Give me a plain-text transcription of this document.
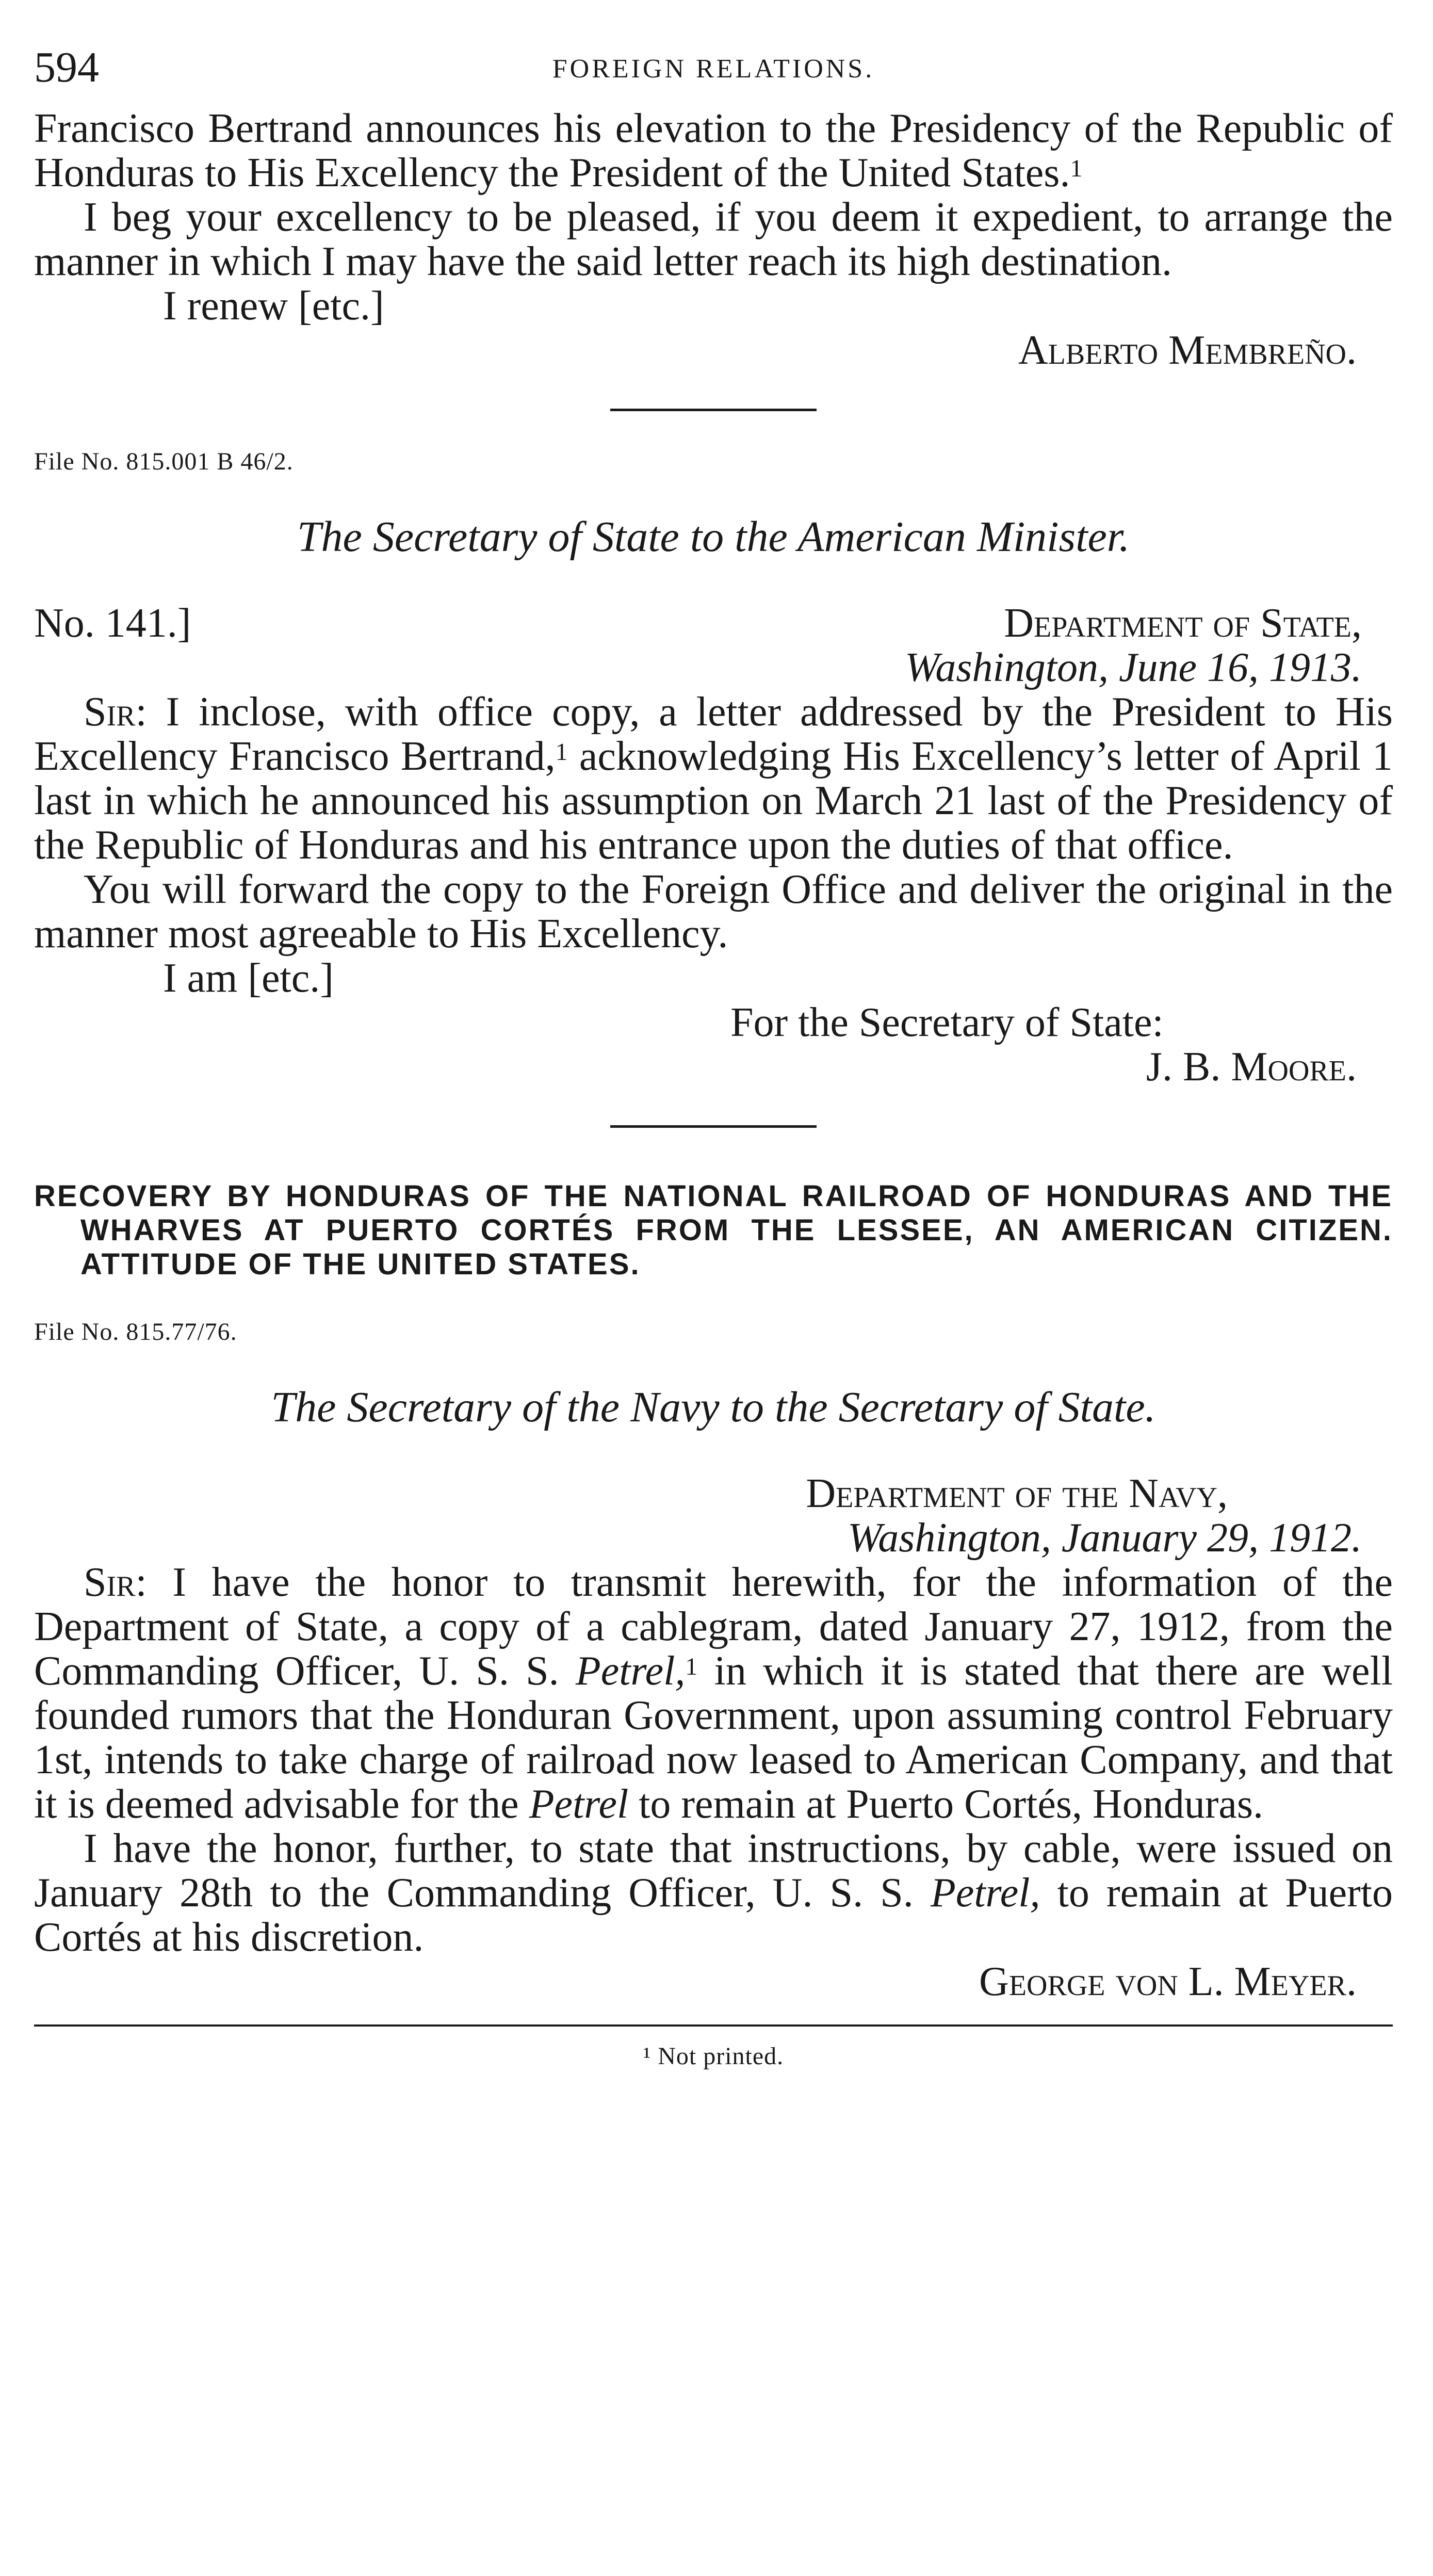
594	FOREIGN RELATIONS.

Francisco Bertrand announces his elevation to the Presidency of the Republic of Honduras to His Excellency the President of the United States.$^1$

I beg your excellency to be pleased, if you deem it expedient, to arrange the manner in which I may have the said letter reach its high destination.

I renew [etc.]
Alberto Membreño.
File No. 815.001 B 46/2.
The Secretary of State to the American Minister.
No. 141.]	Department of State,
Washington, June 16, 1913.

Sir: I inclose, with office copy, a letter addressed by the President to His Excellency Francisco Bertrand,$^1$ acknowledging His Excellency’s letter of April 1 last in which he announced his assumption on March 21 last of the Presidency of the Republic of Honduras and his entrance upon the duties of that office.

You will forward the copy to the Foreign Office and deliver the original in the manner most agreeable to His Excellency.

I am [etc.]
For the Secretary of State:
J. B. Moore.
RECOVERY BY HONDURAS OF THE NATIONAL RAILROAD OF HONDURAS AND THE WHARVES AT PUERTO CORTÉS FROM THE LESSEE, AN AMERICAN CITIZEN. ATTITUDE OF THE UNITED STATES.
File No. 815.77/76.
The Secretary of the Navy to the Secretary of State.
Department of the Navy,
Washington, January 29, 1912.

Sir: I have the honor to transmit herewith, for the information of the Department of State, a copy of a cablegram, dated January 27, 1912, from the Commanding Officer, U. S. S. Petrel,$^1$ in which it is stated that there are well founded rumors that the Honduran Government, upon assuming control February 1st, intends to take charge of railroad now leased to American Company, and that it is deemed advisable for the Petrel to remain at Puerto Cortés, Honduras.

I have the honor, further, to state that instructions, by cable, were issued on January 28th to the Commanding Officer, U. S. S. Petrel, to remain at Puerto Cortés at his discretion.

George von L. Meyer.
¹ Not printed.
